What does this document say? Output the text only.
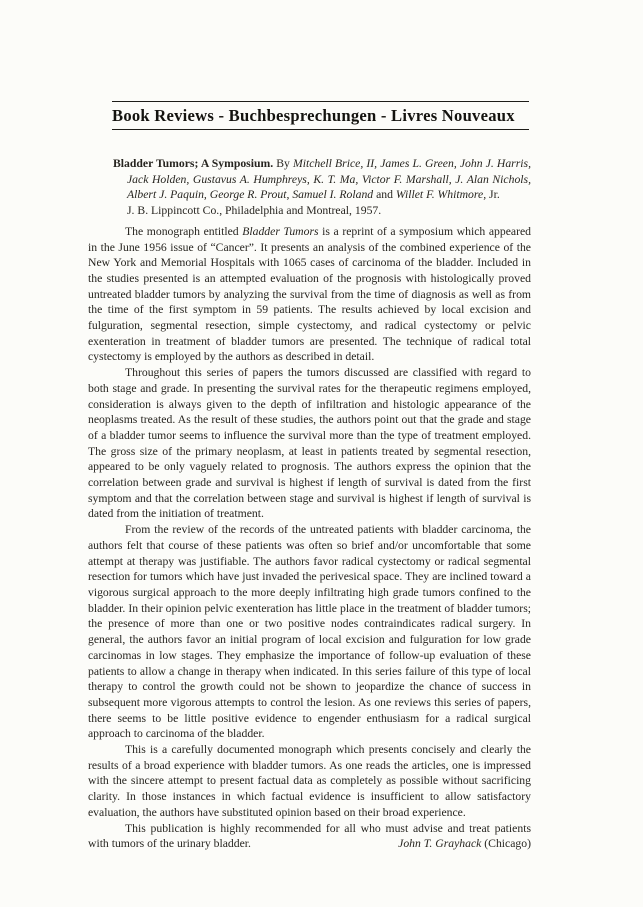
Book Reviews - Buchbesprechungen - Livres Nouveaux

Bladder Tumors; A Symposium. By Mitchell Brice, II, James L. Green, John J. Harris, Jack Holden, Gustavus A. Humphreys, K. T. Ma, Victor F. Marshall, J. Alan Nichols, Albert J. Paquin, George R. Prout, Samuel I. Roland and Willet F. Whitmore, Jr.
J. B. Lippincott Co., Philadelphia and Montreal, 1957.

The monograph entitled Bladder Tumors is a reprint of a symposium which appeared in the June 1956 issue of “Cancer”. It presents an analysis of the combined experience of the New York and Memorial Hospitals with 1065 cases of carcinoma of the bladder. Included in the studies presented is an attempted evaluation of the prognosis with histologically proved untreated bladder tumors by analyzing the survival from the time of diagnosis as well as from the time of the first symptom in 59 patients. The results achieved by local excision and fulguration, segmental resection, simple cystectomy, and radical cystectomy or pelvic exenteration in treatment of bladder tumors are presented. The technique of radical total cystectomy is employed by the authors as described in detail.

Throughout this series of papers the tumors discussed are classified with regard to both stage and grade. In presenting the survival rates for the therapeutic regimens employed, consideration is always given to the depth of infiltration and histologic appearance of the neoplasms treated. As the result of these studies, the authors point out that the grade and stage of a bladder tumor seems to influence the survival more than the type of treatment employed. The gross size of the primary neoplasm, at least in patients treated by segmental resection, appeared to be only vaguely related to prognosis. The authors express the opinion that the correlation between grade and survival is highest if length of survival is dated from the first symptom and that the correlation between stage and survival is highest if length of survival is dated from the initiation of treatment.

From the review of the records of the untreated patients with bladder carcinoma, the authors felt that course of these patients was often so brief and/or uncomfortable that some attempt at therapy was justifiable. The authors favor radical cystectomy or radical segmental resection for tumors which have just invaded the perivesical space. They are inclined toward a vigorous surgical approach to the more deeply infiltrating high grade tumors confined to the bladder. In their opinion pelvic exenteration has little place in the treatment of bladder tumors; the presence of more than one or two positive nodes contraindicates radical surgery. In general, the authors favor an initial program of local excision and fulguration for low grade carcinomas in low stages. They emphasize the importance of follow-up evaluation of these patients to allow a change in therapy when indicated. In this series failure of this type of local therapy to control the growth could not be shown to jeopardize the chance of success in subsequent more vigorous attempts to control the lesion. As one reviews this series of papers, there seems to be little positive evidence to engender enthusiasm for a radical surgical approach to carcinoma of the bladder.

This is a carefully documented monograph which presents concisely and clearly the results of a broad experience with bladder tumors. As one reads the articles, one is impressed with the sincere attempt to present factual data as completely as possible without sacrificing clarity. In those instances in which factual evidence is insufficient to allow satisfactory evaluation, the authors have substituted opinion based on their broad experience.

This publication is highly recommended for all who must advise and treat patients with tumors of the urinary bladder.	John T. Grayhack (Chicago)
